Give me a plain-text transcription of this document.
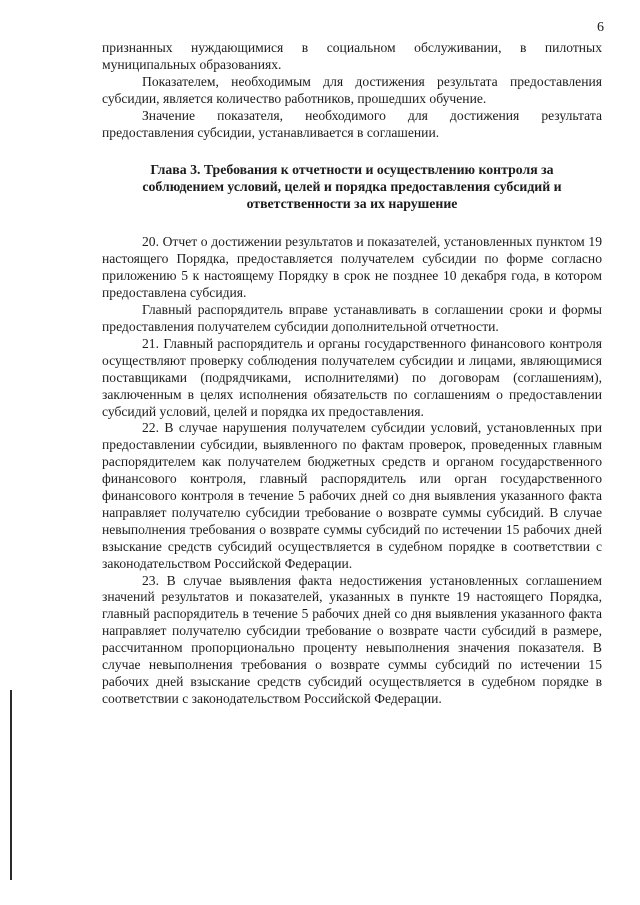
6

признанных нуждающимися в социальном обслуживании, в пилотных муниципальных образованиях.

Показателем, необходимым для достижения результата предоставления субсидии, является количество работников, прошедших обучение.

Значение показателя, необходимого для достижения результата предоставления субсидии, устанавливается в соглашении.

Глава 3. Требования к отчетности и осуществлению контроля за соблюдением условий, целей и порядка предоставления субсидий и ответственности за их нарушение

20. Отчет о достижении результатов и показателей, установленных пунктом 19 настоящего Порядка, предоставляется получателем субсидии по форме согласно приложению 5 к настоящему Порядку в срок не позднее 10 декабря года, в котором предоставлена субсидия.

Главный распорядитель вправе устанавливать в соглашении сроки и формы предоставления получателем субсидии дополнительной отчетности.

21. Главный распорядитель и органы государственного финансового контроля осуществляют проверку соблюдения получателем субсидии и лицами, являющимися поставщиками (подрядчиками, исполнителями) по договорам (соглашениям), заключенным в целях исполнения обязательств по соглашениям о предоставлении субсидий условий, целей и порядка их предоставления.

22. В случае нарушения получателем субсидии условий, установленных при предоставлении субсидии, выявленного по фактам проверок, проведенных главным распорядителем как получателем бюджетных средств и органом государственного финансового контроля, главный распорядитель или орган государственного финансового контроля в течение 5 рабочих дней со дня выявления указанного факта направляет получателю субсидии требование о возврате суммы субсидий. В случае невыполнения требования о возврате суммы субсидий по истечении 15 рабочих дней взыскание средств субсидий осуществляется в судебном порядке в соответствии с законодательством Российской Федерации.

23. В случае выявления факта недостижения установленных соглашением значений результатов и показателей, указанных в пункте 19 настоящего Порядка, главный распорядитель в течение 5 рабочих дней со дня выявления указанного факта направляет получателю субсидии требование о возврате части субсидий в размере, рассчитанном пропорционально проценту невыполнения значения показателя. В случае невыполнения требования о возврате суммы субсидий по истечении 15 рабочих дней взыскание средств субсидий осуществляется в судебном порядке в соответствии с законодательством Российской Федерации.
